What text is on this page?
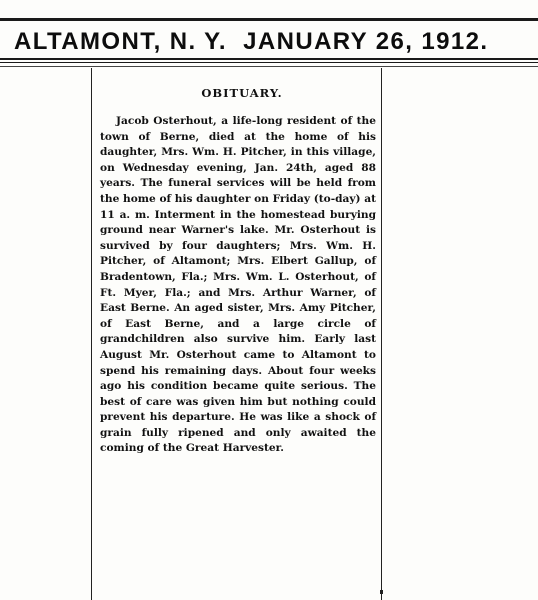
ALTAMONT, N. Y.  JANUARY 26, 1912.
OBITUARY.

Jacob Osterhout, a life-long resident of the town of Berne, died at the home of his daughter, Mrs. Wm. H. Pitcher, in this village, on Wednesday evening, Jan. 24th, aged 88 years. The funeral services will be held from the home of his daughter on Friday (to-day) at 11 a. m. Interment in the homestead burying ground near Warner's lake. Mr. Osterhout is survived by four daughters; Mrs. Wm. H. Pitcher, of Altamont; Mrs. Elbert Gallup, of Bradentown, Fla.; Mrs. Wm. L. Osterhout, of Ft. Myer, Fla.; and Mrs. Arthur Warner, of East Berne. An aged sister, Mrs. Amy Pitcher, of East Berne, and a large circle of grandchildren also survive him. Early last August Mr. Osterhout came to Altamont to spend his remaining days. About four weeks ago his condition became quite serious. The best of care was given him but nothing could prevent his departure. He was like a shock of grain fully ripened and only awaited the coming of the Great Harvester.
